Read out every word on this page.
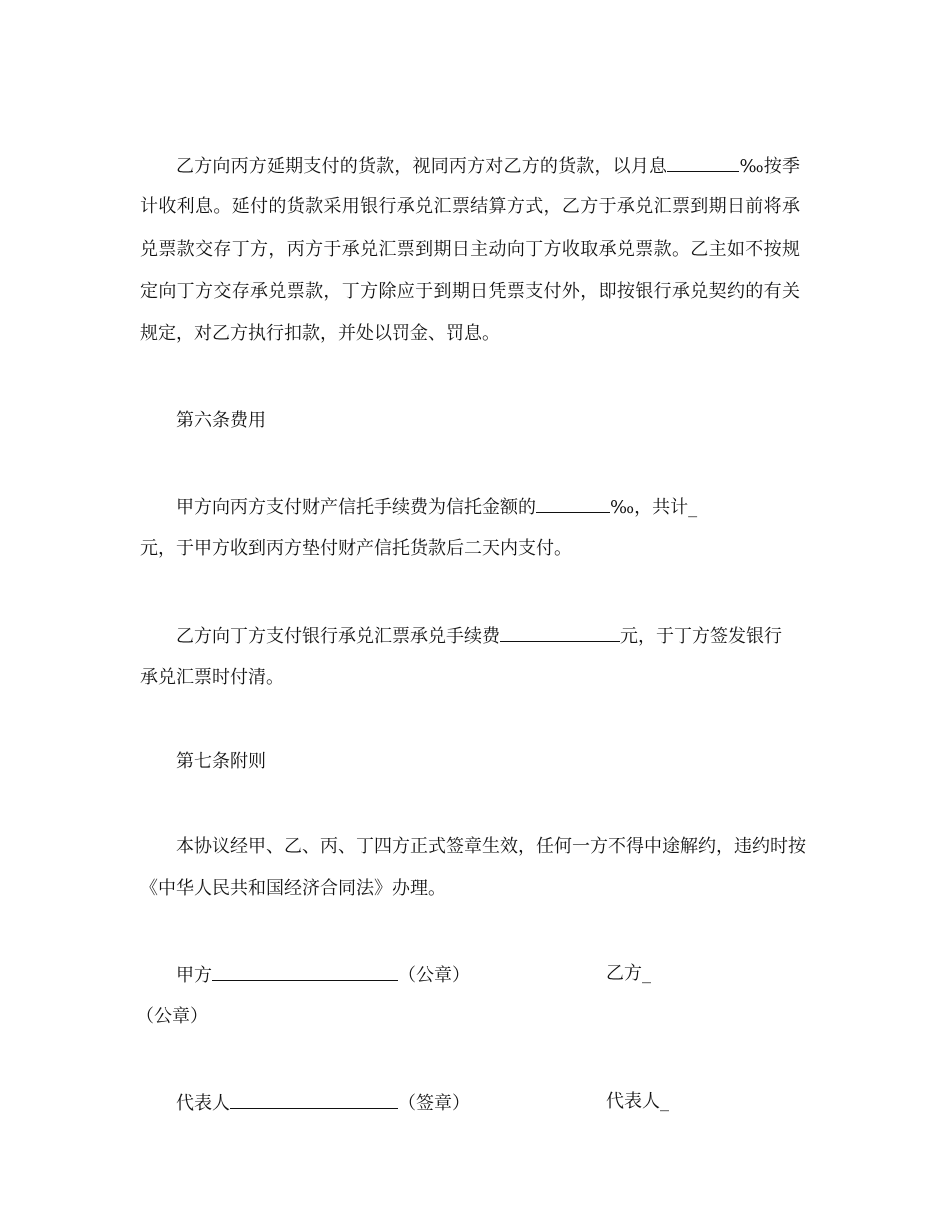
乙方向丙方延期支付的货款，视同丙方对乙方的货款，以月息	‰按季
计收利息。延付的货款采用银行承兑汇票结算方式，乙方于承兑汇票到期日前将承
兑票款交存丁方，丙方于承兑汇票到期日主动向丁方收取承兑票款。乙主如不按规
定向丁方交存承兑票款，丁方除应于到期日凭票支付外，即按银行承兑契约的有关
规定，对乙方执行扣款，并处以罚金、罚息。
第六条费用
甲方向丙方支付财产信托手续费为信托金额的	‰，共计_
元，于甲方收到丙方垫付财产信托货款后二天内支付。
乙方向丁方支付银行承兑汇票承兑手续费	元，于丁方签发银行
承兑汇票时付清。
第七条附则
本协议经甲、乙、丙、丁四方正式签章生效，任何一方不得中途解约，违约时按
《中华人民共和国经济合同法》办理。
甲方	（公章）	乙方_
（公章）
代表人	（签章）	代表人_
